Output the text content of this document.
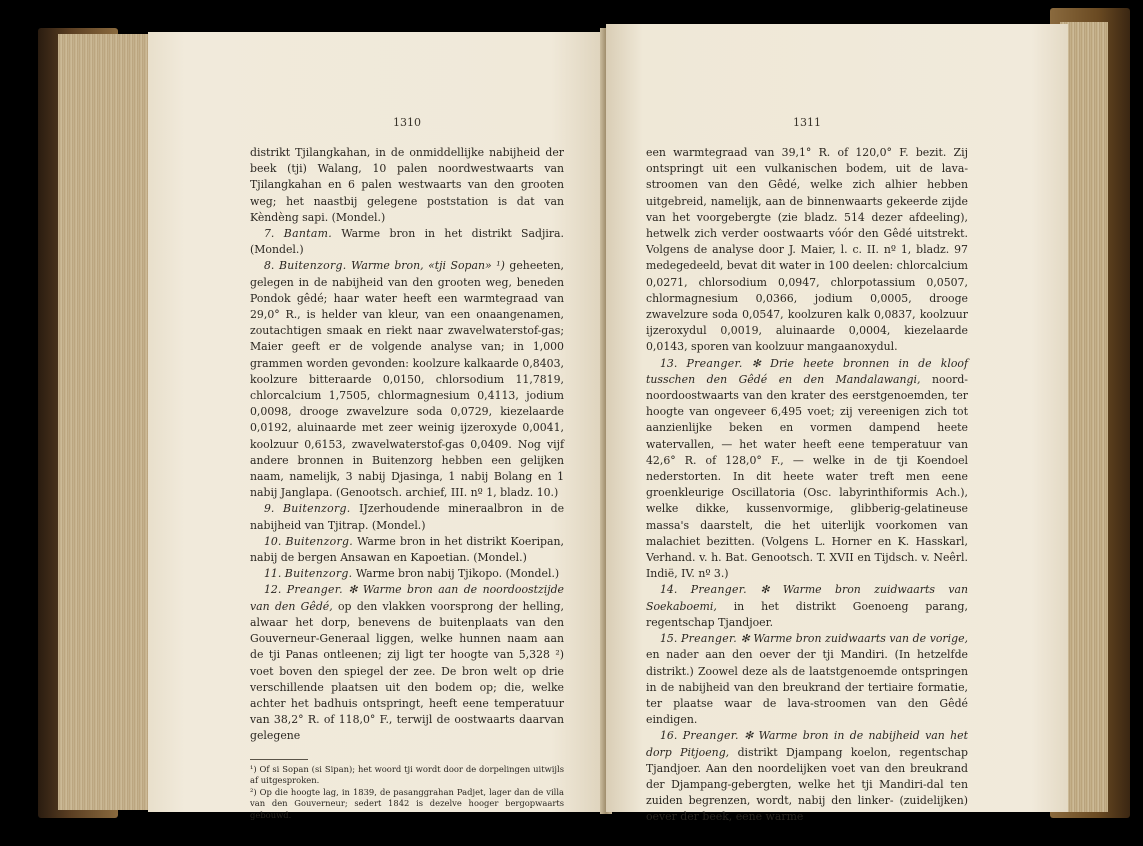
1310

distrikt Tjilangkahan, in de onmiddellijke nabijheid der beek (tji) Walang, 10 palen noordwestwaarts van Tjilangkahan en 6 palen westwaarts van den grooten weg; het naastbij gelegene poststation is dat van Kèndèng sapi. (Mondel.)

7. Bantam. Warme bron in het distrikt Sadjira. (Mondel.)

8. Buitenzorg. Warme bron, «tji Sopan» ¹) geheeten, gelegen in de nabijheid van den grooten weg, beneden Pondok gêdé; haar water heeft een warmtegraad van 29,0° R., is helder van kleur, van een onaangenamen, zoutachtigen smaak en riekt naar zwavelwaterstof-gas; Maier geeft er de volgende analyse van; in 1,000 grammen worden gevonden: koolzure kalkaarde 0,8403, koolzure bitteraarde 0,0150, chlorsodium 11,7819, chlorcalcium 1,7505, chlormagnesium 0,4113, jodium 0,0098, drooge zwavelzure soda 0,0729, kiezelaarde 0,0192, aluinaarde met zeer weinig ijzeroxyde 0,0041, koolzuur 0,6153, zwavelwaterstof-gas 0,0409. Nog vijf andere bronnen in Buitenzorg hebben een gelijken naam, namelijk, 3 nabij Djasinga, 1 nabij Bolang en 1 nabij Janglapa. (Genootsch. archief, III. nº 1, bladz. 10.)

9. Buitenzorg. IJzerhoudende mineraalbron in de nabijheid van Tjitrap. (Mondel.)

10. Buitenzorg. Warme bron in het distrikt Koeripan, nabij de bergen Ansawan en Kapoetian. (Mondel.)

11. Buitenzorg. Warme bron nabij Tjikopo. (Mondel.)

12. Preanger. ✻ Warme bron aan de noordoostzijde van den Gêdé, op den vlakken voorsprong der helling, alwaar het dorp, benevens de buitenplaats van den Gouverneur-Generaal liggen, welke hunnen naam aan de tji Panas ontleenen; zij ligt ter hoogte van 5,328 ²) voet boven den spiegel der zee. De bron welt op drie verschillende plaatsen uit den bodem op; die, welke achter het badhuis ontspringt, heeft eene temperatuur van 38,2° R. of 118,0° F., terwijl de oostwaarts daarvan gelegene

¹) Of si Sopan (si Sipan); het woord tji wordt door de dorpelingen uitwijls af uitgesproken.

²) Op die hoogte lag, in 1839, de pasanggrahan Padjet, lager dan de villa van den Gouverneur; sedert 1842 is dezelve hooger bergopwaarts gebouwd.

1311

een warmtegraad van 39,1° R. of 120,0° F. bezit. Zij ontspringt uit een vulkanischen bodem, uit de lava-stroomen van den Gêdé, welke zich alhier hebben uitgebreid, namelijk, aan de binnenwaarts gekeerde zijde van het voorgebergte (zie bladz. 514 dezer afdeeling), hetwelk zich verder oostwaarts vóór den Gêdé uitstrekt. Volgens de analyse door J. Maier, l. c. II. nº 1, bladz. 97 medegedeeld, bevat dit water in 100 deelen: chlorcalcium 0,0271, chlorsodium 0,0947, chlorpotassium 0,0507, chlormagnesium 0,0366, jodium 0,0005, drooge zwavelzure soda 0,0547, koolzuren kalk 0,0837, koolzuur ijzeroxydul 0,0019, aluinaarde 0,0004, kiezelaarde 0,0143, sporen van koolzuur mangaanoxydul.

13. Preanger. ✻ Drie heete bronnen in de kloof tusschen den Gêdé en den Mandalawangi, noord-noordoostwaarts van den krater des eerstgenoemden, ter hoogte van ongeveer 6,495 voet; zij vereenigen zich tot aanzienlijke beken en vormen dampend heete watervallen, — het water heeft eene temperatuur van 42,6° R. of 128,0° F., — welke in de tji Koendoel nederstorten. In dit heete water treft men eene groenkleurige Oscillatoria (Osc. labyrinthiformis Ach.), welke dikke, kussenvormige, glibberig-gelatineuse massa's daarstelt, die het uiterlijk voorkomen van malachiet bezitten. (Volgens L. Horner en K. Hasskarl, Verhand. v. h. Bat. Genootsch. T. XVII en Tijdsch. v. Neêrl. Indië, IV. nº 3.)

14. Preanger. ✻ Warme bron zuidwaarts van Soekaboemi, in het distrikt Goenoeng parang, regentschap Tjandjoer.

15. Preanger. ✻ Warme bron zuidwaarts van de vorige, en nader aan den oever der tji Mandiri. (In hetzelfde distrikt.) Zoowel deze als de laatstgenoemde ontspringen in de nabijheid van den breukrand der tertiaire formatie, ter plaatse waar de lava-stroomen van den Gêdé eindigen.

16. Preanger. ✻ Warme bron in de nabijheid van het dorp Pitjoeng, distrikt Djampang koelon, regentschap Tjandjoer. Aan den noordelijken voet van den breukrand der Djampang-gebergten, welke het tji Mandiri-dal ten zuiden begrenzen, wordt, nabij den linker- (zuidelijken) oever der beek, eene warme
